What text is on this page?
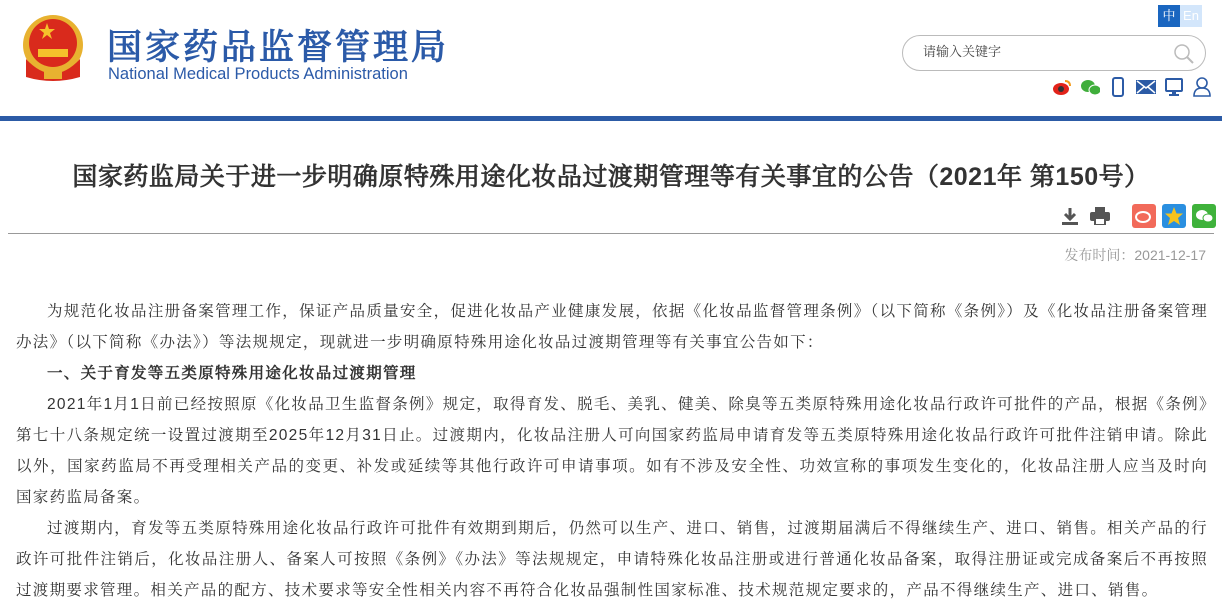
国家药品监督管理局
National Medical Products Administration
中 En
请输入关键字
国家药监局关于进一步明确原特殊用途化妆品过渡期管理等有关事宜的公告（2021年 第150号）
发布时间：2021-12-17

为规范化妆品注册备案管理工作，保证产品质量安全，促进化妆品产业健康发展，依据《化妆品监督管理条例》（以下简称《条例》）及《化妆品注册备案管理办法》（以下简称《办法》）等法规规定，现就进一步明确原特殊用途化妆品过渡期管理等有关事宜公告如下：

一、关于育发等五类原特殊用途化妆品过渡期管理

2021年1月1日前已经按照原《化妆品卫生监督条例》规定，取得育发、脱毛、美乳、健美、除臭等五类原特殊用途化妆品行政许可批件的产品，根据《条例》第七十八条规定统一设置过渡期至2025年12月31日止。过渡期内，化妆品注册人可向国家药监局申请育发等五类原特殊用途化妆品行政许可批件注销申请。除此以外，国家药监局不再受理相关产品的变更、补发或延续等其他行政许可申请事项。如有不涉及安全性、功效宣称的事项发生变化的，化妆品注册人应当及时向国家药监局备案。

过渡期内，育发等五类原特殊用途化妆品行政许可批件有效期到期后，仍然可以生产、进口、销售，过渡期届满后不得继续生产、进口、销售。相关产品的行政许可批件注销后，化妆品注册人、备案人可按照《条例》《办法》等法规规定，申请特殊化妆品注册或进行普通化妆品备案，取得注册证或完成备案后不再按照过渡期要求管理。相关产品的配方、技术要求等安全性相关内容不再符合化妆品强制性国家标准、技术规范规定要求的，产品不得继续生产、进口、销售。
